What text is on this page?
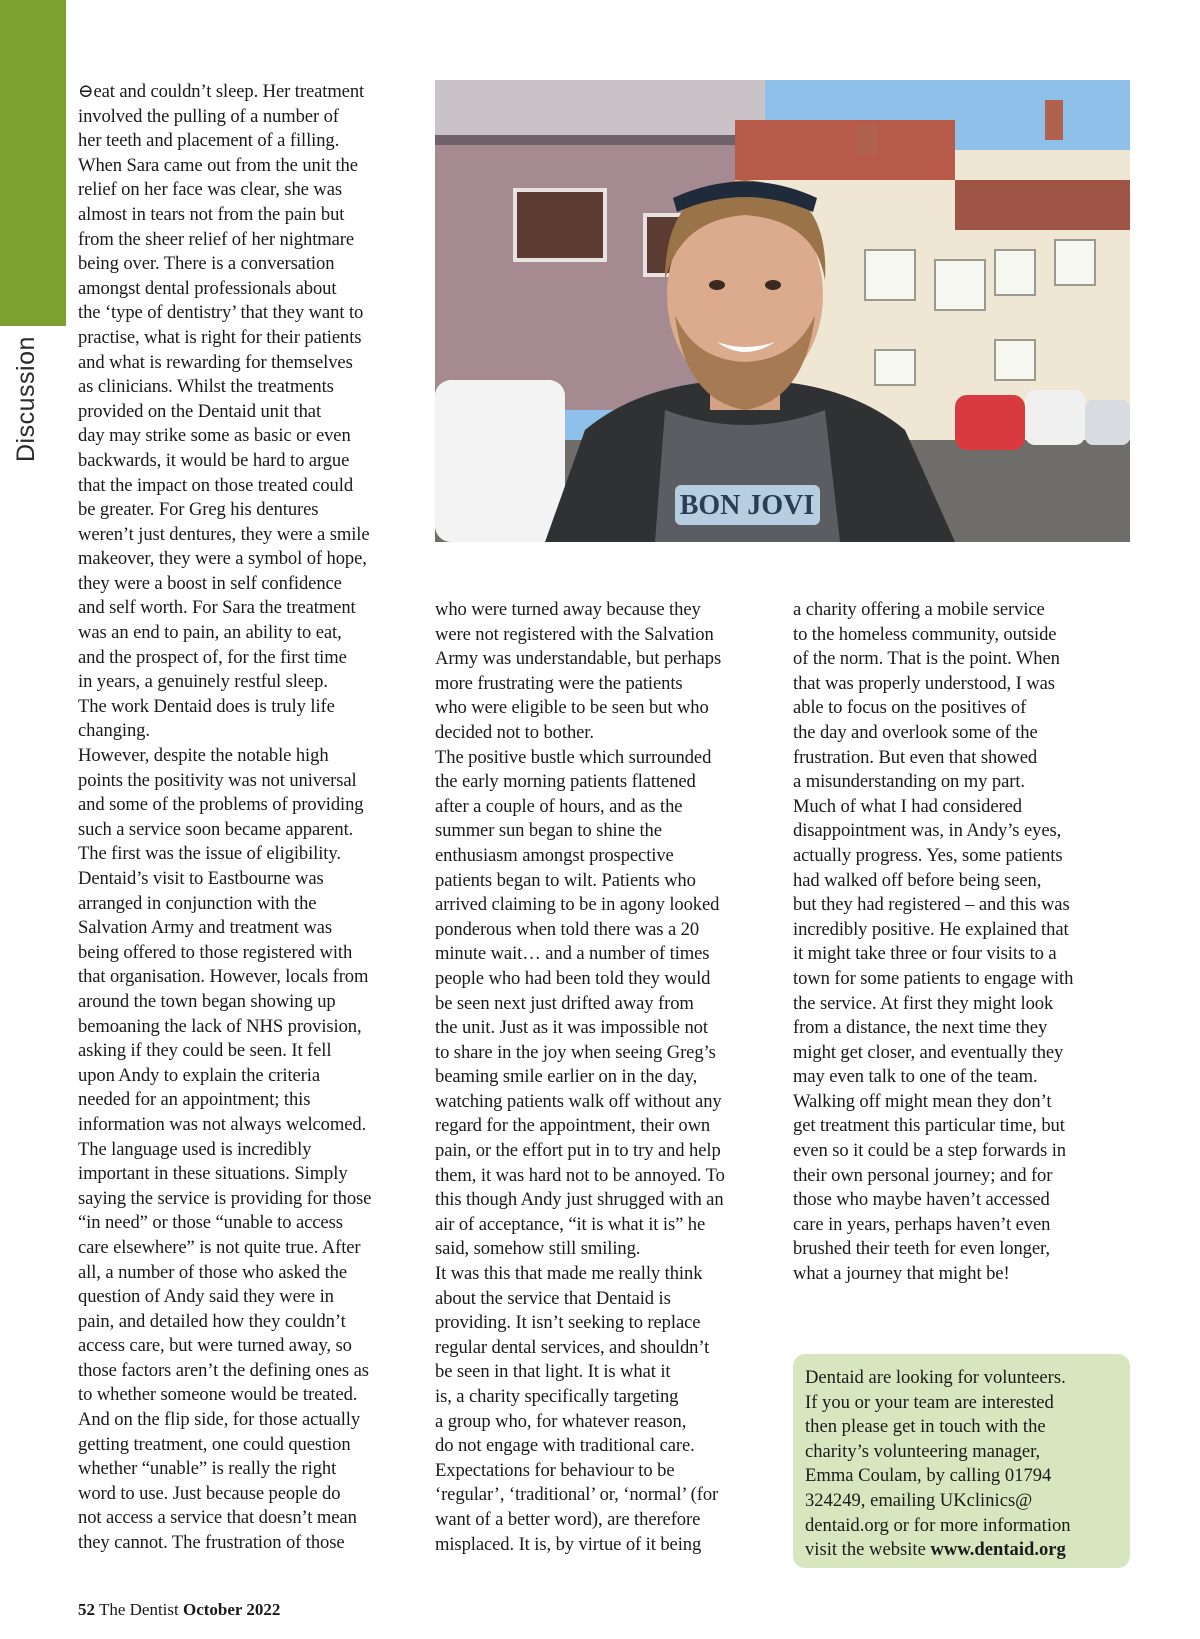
Discussion

⊖eat and couldn’t sleep. Her treatment
involved the pulling of a number of
her teeth and placement of a filling.
When Sara came out from the unit the
relief on her face was clear, she was
almost in tears not from the pain but
from the sheer relief of her nightmare
being over. There is a conversation
amongst dental professionals about
the ‘type of dentistry’ that they want to
practise, what is right for their patients
and what is rewarding for themselves
as clinicians. Whilst the treatments
provided on the Dentaid unit that
day may strike some as basic or even
backwards, it would be hard to argue
that the impact on those treated could
be greater. For Greg his dentures
weren’t just dentures, they were a smile
makeover, they were a symbol of hope,
they were a boost in self confidence
and self worth. For Sara the treatment
was an end to pain, an ability to eat,
and the prospect of, for the first time
in years, a genuinely restful sleep.
The work Dentaid does is truly life
changing.
However, despite the notable high
points the positivity was not universal
and some of the problems of providing
such a service soon became apparent.
The first was the issue of eligibility.
Dentaid’s visit to Eastbourne was
arranged in conjunction with the
Salvation Army and treatment was
being offered to those registered with
that organisation. However, locals from
around the town began showing up
bemoaning the lack of NHS provision,
asking if they could be seen. It fell
upon Andy to explain the criteria
needed for an appointment; this
information was not always welcomed.
The language used is incredibly
important in these situations. Simply
saying the service is providing for those
“in need” or those “unable to access
care elsewhere” is not quite true. After
all, a number of those who asked the
question of Andy said they were in
pain, and detailed how they couldn’t
access care, but were turned away, so
those factors aren’t the defining ones as
to whether someone would be treated.
And on the flip side, for those actually
getting treatment, one could question
whether “unable” is really the right
word to use. Just because people do
not access a service that doesn’t mean
they cannot. The frustration of those

BON JOVI

who were turned away because they
were not registered with the Salvation
Army was understandable, but perhaps
more frustrating were the patients
who were eligible to be seen but who
decided not to bother.
The positive bustle which surrounded
the early morning patients flattened
after a couple of hours, and as the
summer sun began to shine the
enthusiasm amongst prospective
patients began to wilt. Patients who
arrived claiming to be in agony looked
ponderous when told there was a 20
minute wait… and a number of times
people who had been told they would
be seen next just drifted away from
the unit. Just as it was impossible not
to share in the joy when seeing Greg’s
beaming smile earlier on in the day,
watching patients walk off without any
regard for the appointment, their own
pain, or the effort put in to try and help
them, it was hard not to be annoyed. To
this though Andy just shrugged with an
air of acceptance, “it is what it is” he
said, somehow still smiling.
It was this that made me really think
about the service that Dentaid is
providing. It isn’t seeking to replace
regular dental services, and shouldn’t
be seen in that light. It is what it
is, a charity specifically targeting
a group who, for whatever reason,
do not engage with traditional care.
Expectations for behaviour to be
‘regular’, ‘traditional’ or, ‘normal’ (for
want of a better word), are therefore
misplaced. It is, by virtue of it being

a charity offering a mobile service
to the homeless community, outside
of the norm. That is the point. When
that was properly understood, I was
able to focus on the positives of
the day and overlook some of the
frustration. But even that showed
a misunderstanding on my part.
Much of what I had considered
disappointment was, in Andy’s eyes,
actually progress. Yes, some patients
had walked off before being seen,
but they had registered – and this was
incredibly positive. He explained that
it might take three or four visits to a
town for some patients to engage with
the service. At first they might look
from a distance, the next time they
might get closer, and eventually they
may even talk to one of the team.
Walking off might mean they don’t
get treatment this particular time, but
even so it could be a step forwards in
their own personal journey; and for
those who maybe haven’t accessed
care in years, perhaps haven’t even
brushed their teeth for even longer,
what a journey that might be!

Dentaid are looking for volunteers.
If you or your team are interested
then please get in touch with the
charity’s volunteering manager,
Emma Coulam, by calling 01794
324249, emailing UKclinics@
dentaid.org or for more information
visit the website www.dentaid.org
52 The Dentist October 2022
